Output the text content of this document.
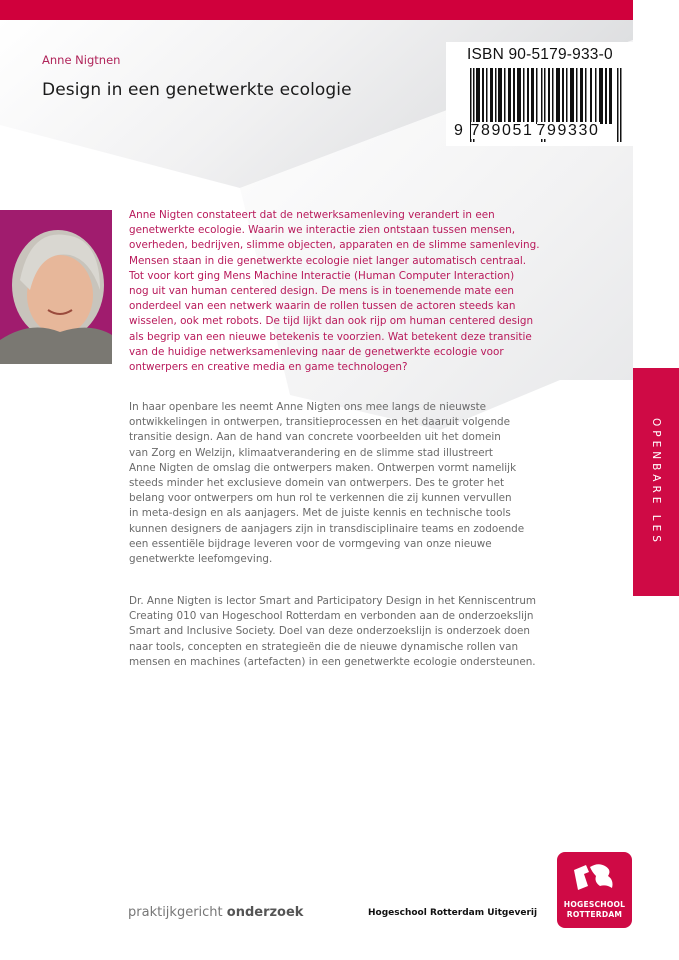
Anne Nigtnen
Design in een genetwerkte ecologie
ISBN 90-5179-933-0
9 789051 799330

Anne Nigten constateert dat de netwerksamenleving verandert in een
genetwerkte ecologie. Waarin we interactie zien ontstaan tussen mensen,
overheden, bedrijven, slimme objecten, apparaten en de slimme samenleving.
Mensen staan in die genetwerkte ecologie niet langer automatisch centraal.
Tot voor kort ging Mens Machine Interactie (Human Computer Interaction)
nog uit van human centered design. De mens is in toenemende mate een
onderdeel van een netwerk waarin de rollen tussen de actoren steeds kan
wisselen, ook met robots. De tijd lijkt dan ook rijp om human centered design
als begrip van een nieuwe betekenis te voorzien. Wat betekent deze transitie
van de huidige netwerksamenleving naar de genetwerkte ecologie voor
ontwerpers en creative media en game technologen?

In haar openbare les neemt Anne Nigten ons mee langs de nieuwste
ontwikkelingen in ontwerpen, transitieprocessen en het daaruit volgende
transitie design. Aan de hand van concrete voorbeelden uit het domein
van Zorg en Welzijn, klimaatverandering en de slimme stad illustreert
Anne Nigten de omslag die ontwerpers maken. Ontwerpen vormt namelijk
steeds minder het exclusieve domein van ontwerpers. Des te groter het
belang voor ontwerpers om hun rol te verkennen die zij kunnen vervullen
in meta-design en als aanjagers. Met de juiste kennis en technische tools
kunnen designers de aanjagers zijn in transdisciplinaire teams en zodoende
een essentiële bijdrage leveren voor de vormgeving van onze nieuwe
genetwerkte leefomgeving.

Dr. Anne Nigten is lector Smart and Participatory Design in het Kenniscentrum
Creating 010 van Hogeschool Rotterdam en verbonden aan de onderzoekslijn
Smart and Inclusive Society. Doel van deze onderzoekslijn is onderzoek doen
naar tools, concepten en strategieën die de nieuwe dynamische rollen van
mensen en machines (artefacten) in een genetwerkte ecologie ondersteunen.

praktijkgericht onderzoek	Hogeschool Rotterdam Uitgeverij
HOGESCHOOL
ROTTERDAM
OPENBARE LES
